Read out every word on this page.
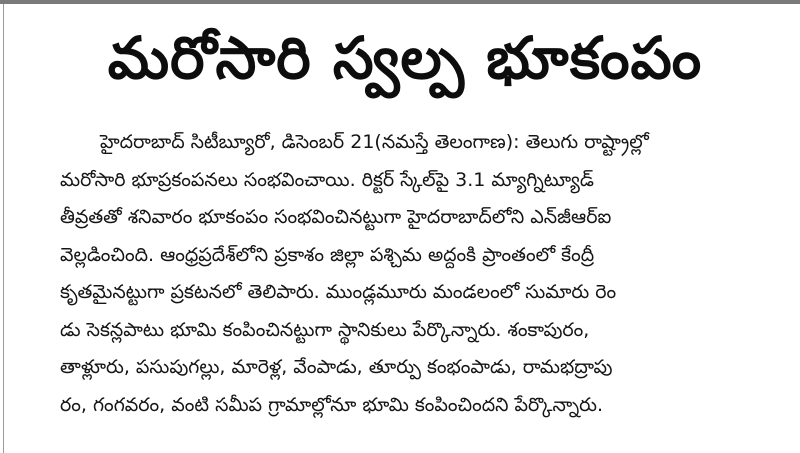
మరోసారి స్వల్ప భూకంపం
హైదరాబాద్ సిటీబ్యూరో, డిసెంబర్ 21(నమస్తే తెలంగాణ): తెలుగు రాష్ట్రాల్లో
మరోసారి భూప్రకంపనలు సంభవించాయి. రిక్టర్ స్కేల్‌పై 3.1 మ్యాగ్నిట్యూడ్
తీవ్రతతో శనివారం భూకంపం సంభవించినట్టుగా హైదరాబాద్‌లోని ఎన్‌జీఆర్‌ఐ
వెల్లడించింది. ఆంధ్రప్రదేశ్‌లోని ప్రకాశం జిల్లా పశ్చిమ అద్దంకి ప్రాంతంలో కేంద్రీ
కృతమైనట్టుగా ప్రకటనలో తెలిపారు. ముండ్లమూరు మండలంలో సుమారు రెం
డు సెకన్లపాటు భూమి కంపించినట్టుగా స్థానికులు పేర్కొన్నారు. శంకాపురం,
తాళ్లూరు, పసుపుగల్లు, మారెళ్ల, వేంపాడు, తూర్పు కంభంపాడు, రామభద్రాపు
రం, గంగవరం, వంటి సమీప గ్రామాల్లోనూ భూమి కంపించిందని పేర్కొన్నారు.
